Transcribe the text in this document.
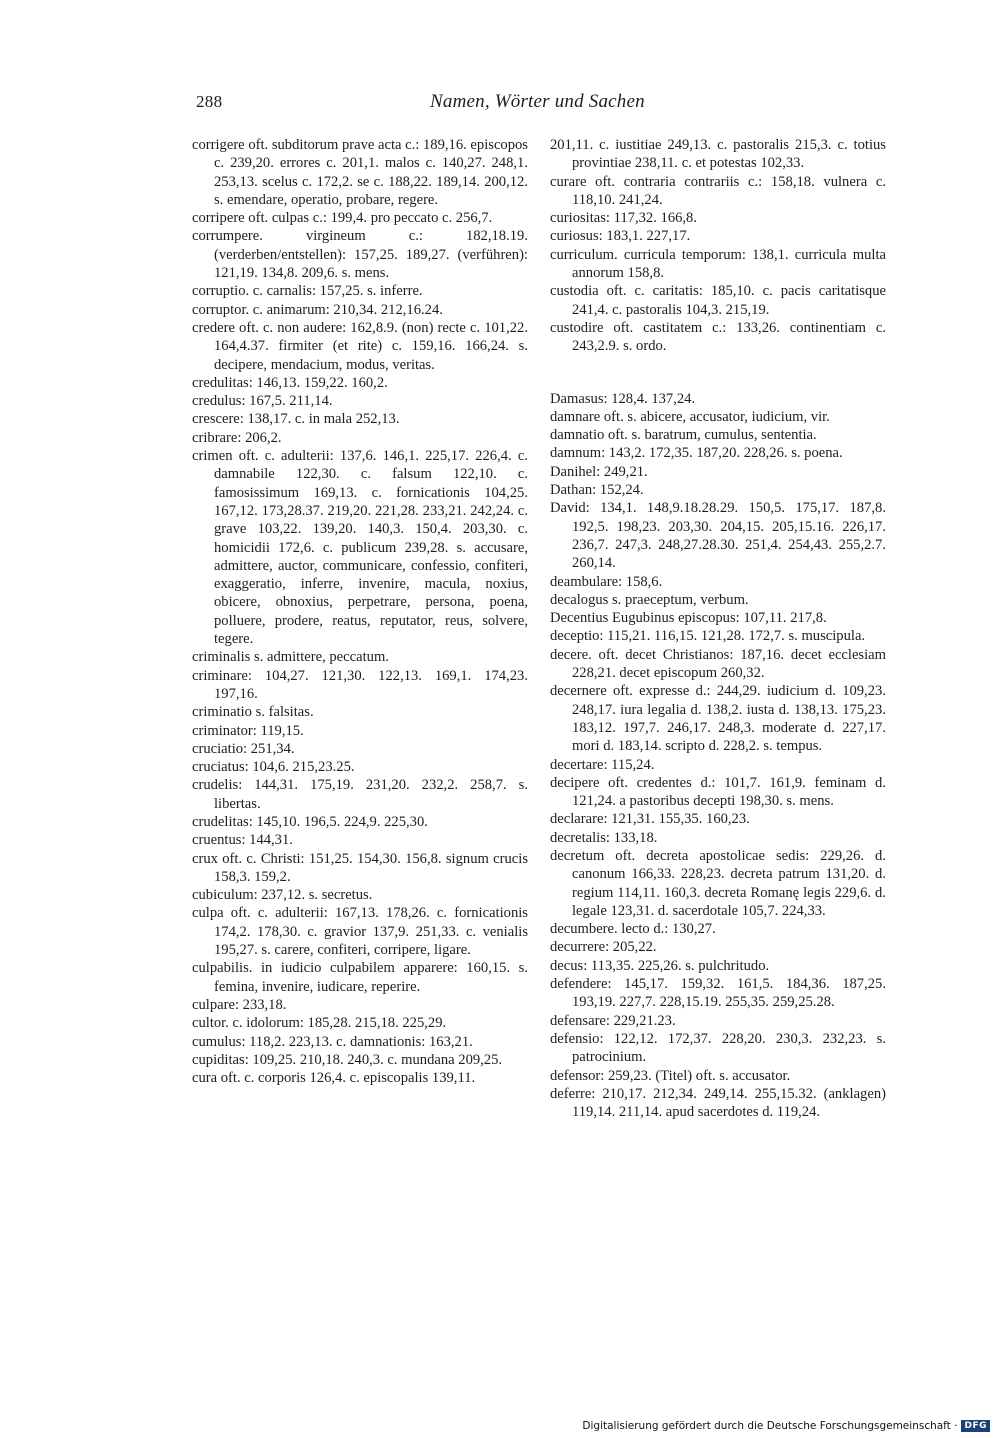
288	Namen, Wörter und Sachen

corrigere oft. subditorum prave acta c.: 189,16. episcopos c. 239,20. errores c. 201,1. malos c. 140,27. 248,1. 253,13. scelus c. 172,2. se c. 188,22. 189,14. 200,12. s. emendare, operatio, probare, regere.

corripere oft. culpas c.: 199,4. pro peccato c. 256,7.

corrumpere. virgineum c.: 182,18.19. (verderben/entstellen): 157,25. 189,27. (verführen): 121,19. 134,8. 209,6. s. mens.

corruptio. c. carnalis: 157,25. s. inferre.

corruptor. c. animarum: 210,34. 212,16.24.

credere oft. c. non audere: 162,8.9. (non) recte c. 101,22. 164,4.37. firmiter (et rite) c. 159,16. 166,24. s. decipere, mendacium, modus, veritas.

credulitas: 146,13. 159,22. 160,2.

credulus: 167,5. 211,14.

crescere: 138,17. c. in mala 252,13.

cribrare: 206,2.

crimen oft. c. adulterii: 137,6. 146,1. 225,17. 226,4. c. damnabile 122,30. c. falsum 122,10. c. famosissimum 169,13. c. fornicationis 104,25. 167,12. 173,28.37. 219,20. 221,28. 233,21. 242,24. c. grave 103,22. 139,20. 140,3. 150,4. 203,30. c. homicidii 172,6. c. publicum 239,28. s. accusare, admittere, auctor, communicare, confessio, confiteri, exaggeratio, inferre, invenire, macula, noxius, obicere, obnoxius, perpetrare, persona, poena, polluere, prodere, reatus, reputator, reus, solvere, tegere.

criminalis s. admittere, peccatum.

criminare: 104,27. 121,30. 122,13. 169,1. 174,23. 197,16.

criminatio s. falsitas.

criminator: 119,15.

cruciatio: 251,34.

cruciatus: 104,6. 215,23.25.

crudelis: 144,31. 175,19. 231,20. 232,2. 258,7. s. libertas.

crudelitas: 145,10. 196,5. 224,9. 225,30.

cruentus: 144,31.

crux oft. c. Christi: 151,25. 154,30. 156,8. signum crucis 158,3. 159,2.

cubiculum: 237,12. s. secretus.

culpa oft. c. adulterii: 167,13. 178,26. c. fornicationis 174,2. 178,30. c. gravior 137,9. 251,33. c. venialis 195,27. s. carere, confiteri, corripere, ligare.

culpabilis. in iudicio culpabilem apparere: 160,15. s. femina, invenire, iudicare, reperire.

culpare: 233,18.

cultor. c. idolorum: 185,28. 215,18. 225,29.

cumulus: 118,2. 223,13. c. damnationis: 163,21.

cupiditas: 109,25. 210,18. 240,3. c. mundana 209,25.

cura oft. c. corporis 126,4. c. episcopalis 139,11.

201,11. c. iustitiae 249,13. c. pastoralis 215,3. c. totius provintiae 238,11. c. et potestas 102,33.

curare oft. contraria contrariis c.: 158,18. vulnera c. 118,10. 241,24.

curiositas: 117,32. 166,8.

curiosus: 183,1. 227,17.

curriculum. curricula temporum: 138,1. curricula multa annorum 158,8.

custodia oft. c. caritatis: 185,10. c. pacis caritatisque 241,4. c. pastoralis 104,3. 215,19.

custodire oft. castitatem c.: 133,26. continentiam c. 243,2.9. s. ordo.

Damasus: 128,4. 137,24.

damnare oft. s. abicere, accusator, iudicium, vir.

damnatio oft. s. baratrum, cumulus, sententia.

damnum: 143,2. 172,35. 187,20. 228,26. s. poena.

Danihel: 249,21.

Dathan: 152,24.

David: 134,1. 148,9.18.28.29. 150,5. 175,17. 187,8. 192,5. 198,23. 203,30. 204,15. 205,15.16. 226,17. 236,7. 247,3. 248,27.28.30. 251,4. 254,43. 255,2.7. 260,14.

deambulare: 158,6.

decalogus s. praeceptum, verbum.

Decentius Eugubinus episcopus: 107,11. 217,8.

deceptio: 115,21. 116,15. 121,28. 172,7. s. muscipula.

decere. oft. decet Christianos: 187,16. decet ecclesiam 228,21. decet episcopum 260,32.

decernere oft. expresse d.: 244,29. iudicium d. 109,23. 248,17. iura legalia d. 138,2. iusta d. 138,13. 175,23. 183,12. 197,7. 246,17. 248,3. moderate d. 227,17. mori d. 183,14. scripto d. 228,2. s. tempus.

decertare: 115,24.

decipere oft. credentes d.: 101,7. 161,9. feminam d. 121,24. a pastoribus decepti 198,30. s. mens.

declarare: 121,31. 155,35. 160,23.

decretalis: 133,18.

decretum oft. decreta apostolicae sedis: 229,26. d. canonum 166,33. 228,23. decreta patrum 131,20. d. regium 114,11. 160,3. decreta Romanę legis 229,6. d. legale 123,31. d. sacerdotale 105,7. 224,33.

decumbere. lecto d.: 130,27.

decurrere: 205,22.

decus: 113,35. 225,26. s. pulchritudo.

defendere: 145,17. 159,32. 161,5. 184,36. 187,25. 193,19. 227,7. 228,15.19. 255,35. 259,25.28.

defensare: 229,21.23.

defensio: 122,12. 172,37. 228,20. 230,3. 232,23. s. patrocinium.

defensor: 259,23. (Titel) oft. s. accusator.

deferre: 210,17. 212,34. 249,14. 255,15.32. (anklagen) 119,14. 211,14. apud sacerdotes d. 119,24.

Digitalisierung gefördert durch die Deutsche Forschungsgemeinschaft · DFG
